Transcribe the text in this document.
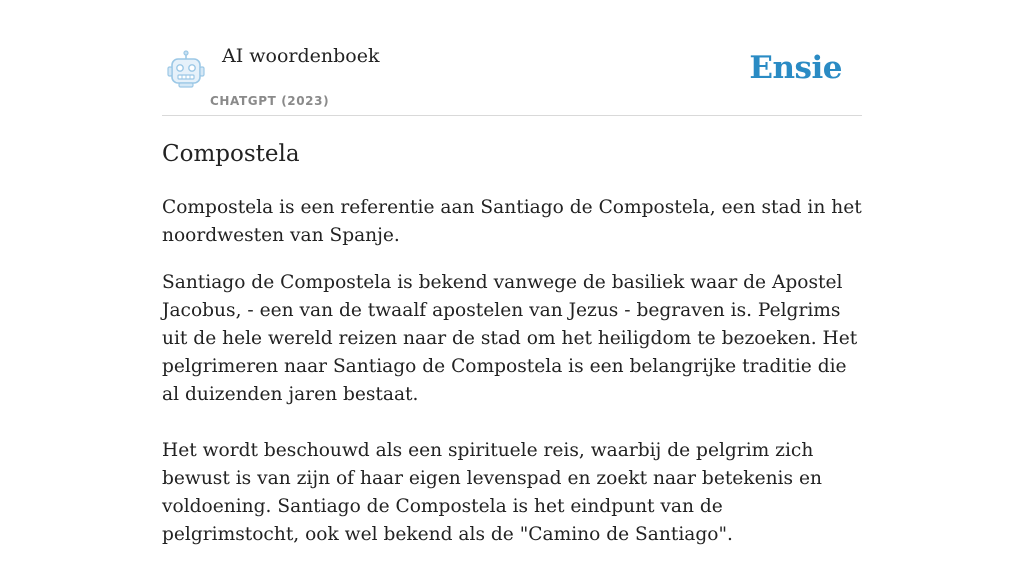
AI woordenboek
CHATGPT (2023)
Ensie
Compostela

Compostela is een referentie aan Santiago de Compostela, een stad in het noordwesten van Spanje.

Santiago de Compostela is bekend vanwege de basiliek waar de Apostel Jacobus, - een van de twaalf apostelen van Jezus - begraven is. Pelgrims uit de hele wereld reizen naar de stad om het heiligdom te bezoeken. Het pelgrimeren naar Santiago de Compostela is een belangrijke traditie die al duizenden jaren bestaat.

Het wordt beschouwd als een spirituele reis, waarbij de pelgrim zich bewust is van zijn of haar eigen levenspad en zoekt naar betekenis en voldoening. Santiago de Compostela is het eindpunt van de pelgrimstocht, ook wel bekend als de "Camino de Santiago".
